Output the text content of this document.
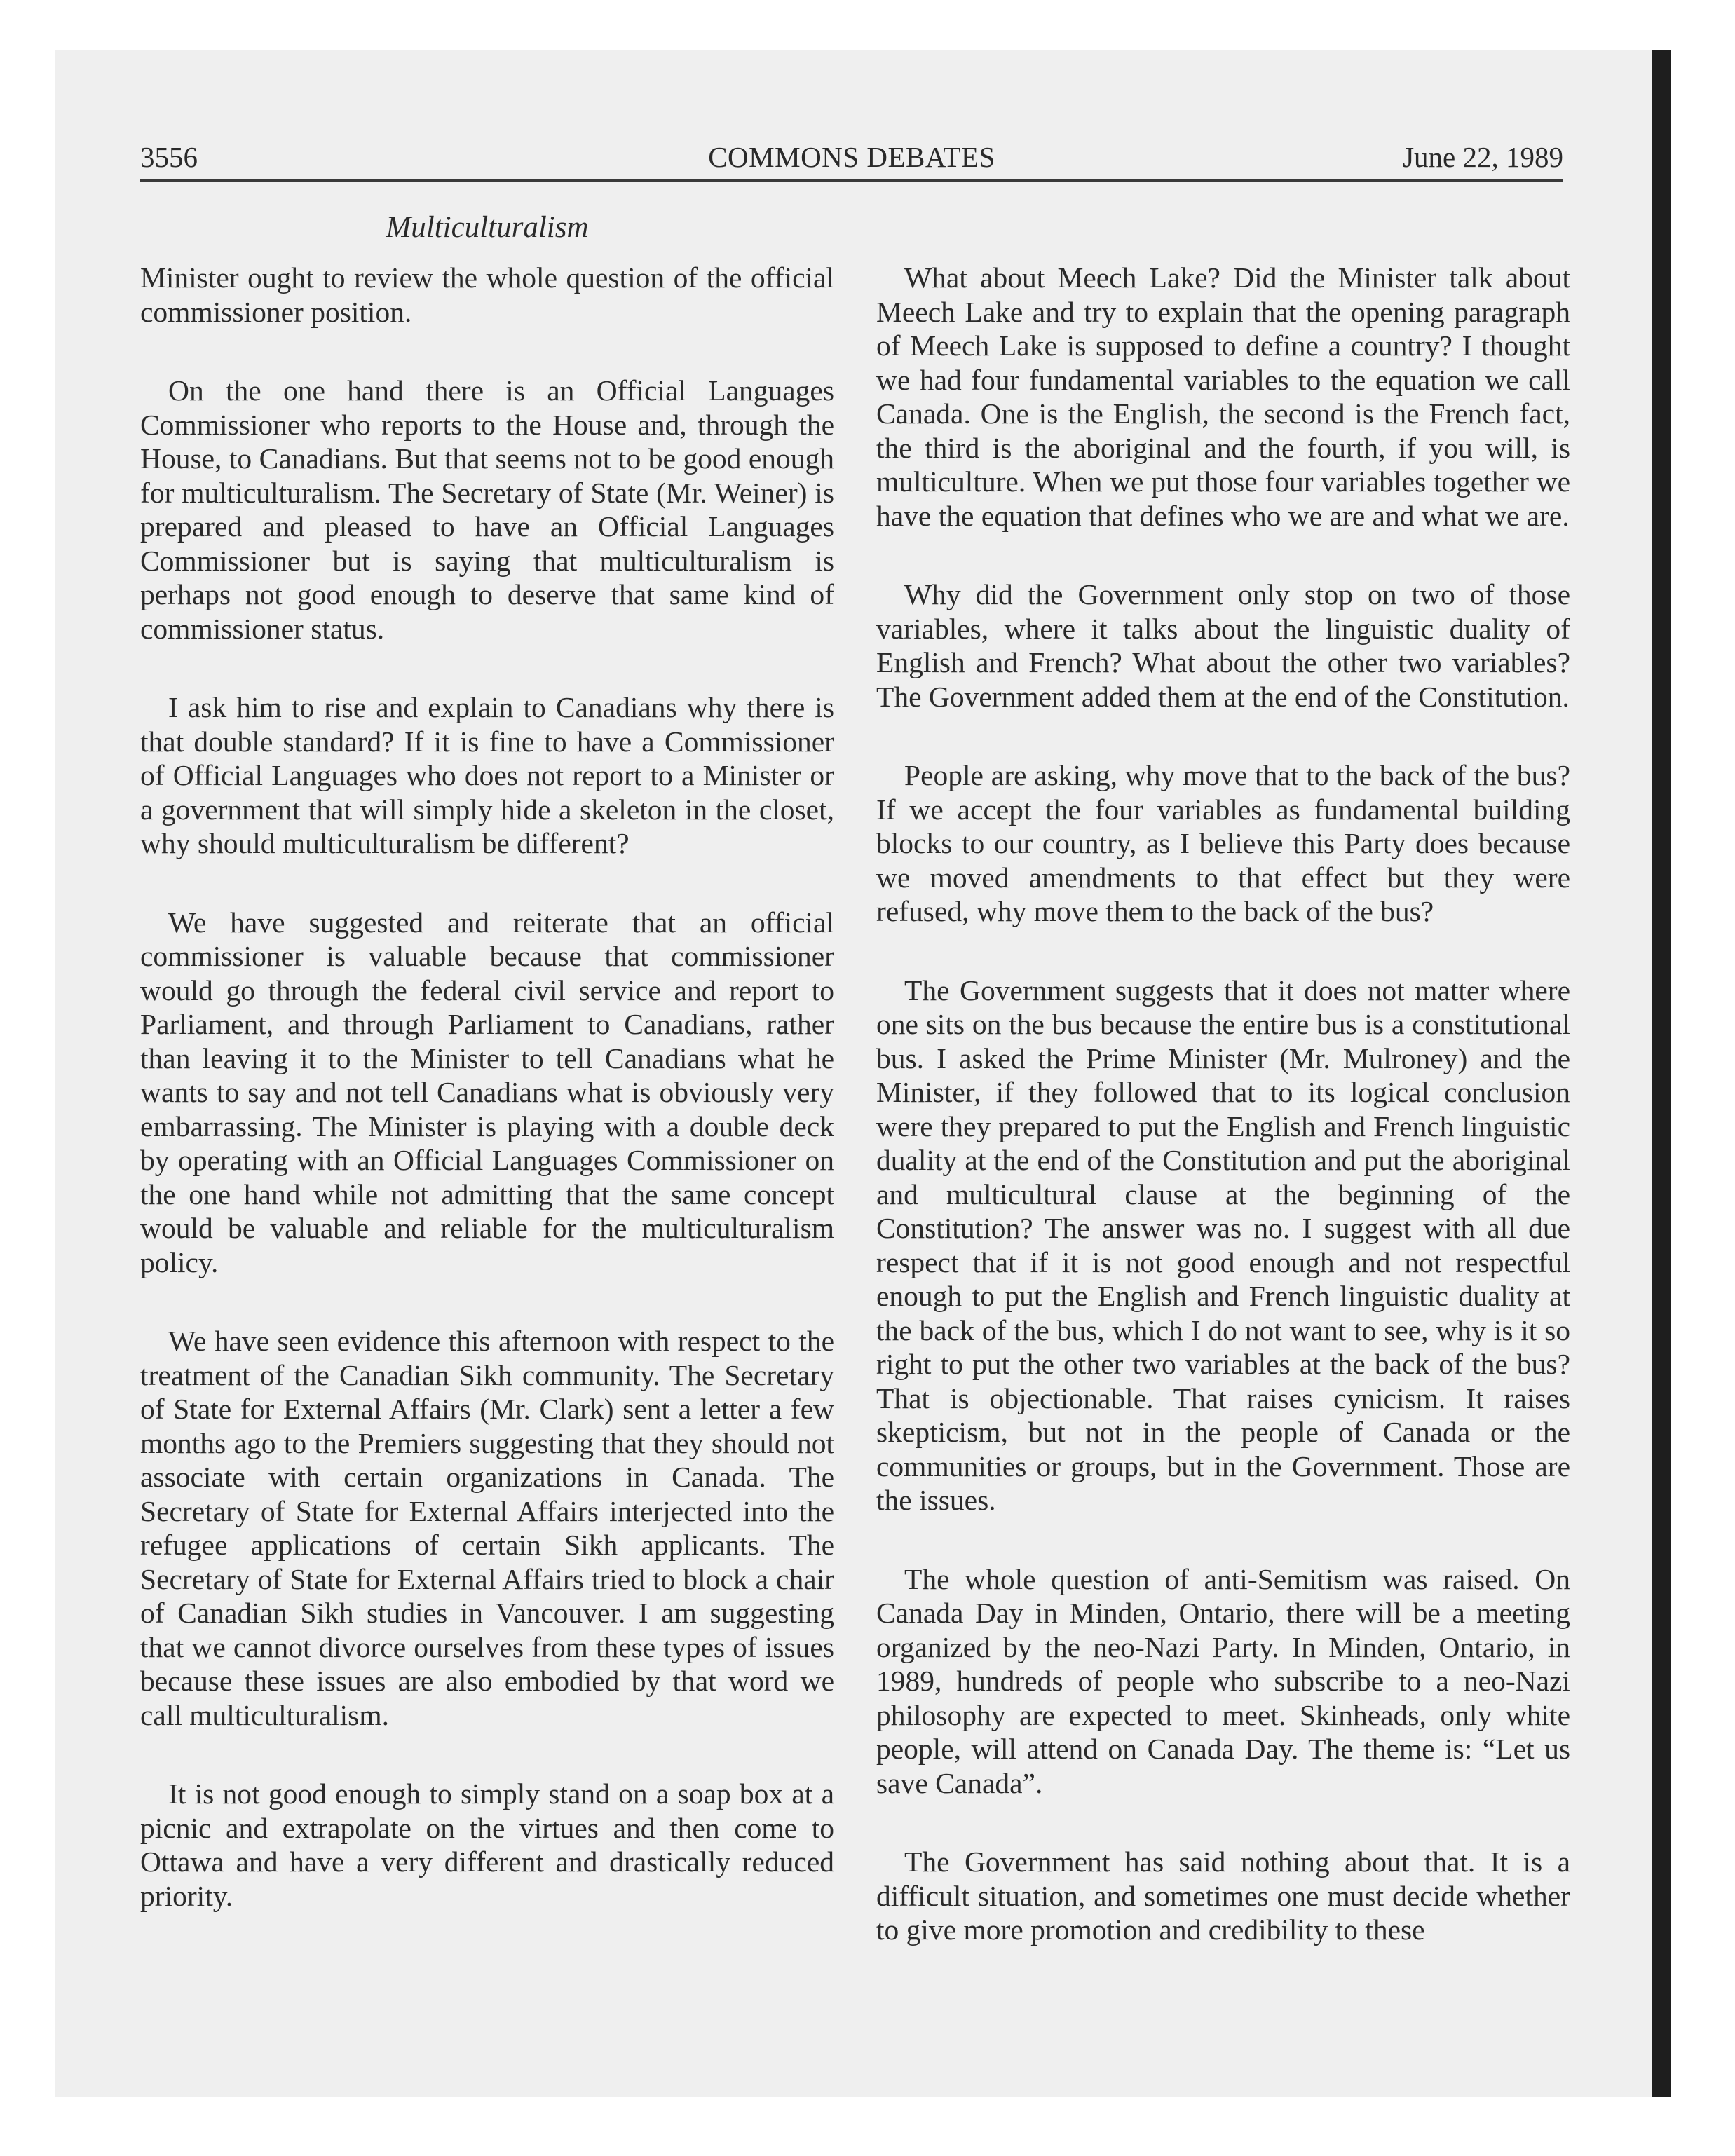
3556	COMMONS DEBATES	June 22, 1989
Multiculturalism

Minister ought to review the whole question of the official commissioner position.

On the one hand there is an Official Languages Commissioner who reports to the House and, through the House, to Canadians. But that seems not to be good enough for multiculturalism. The Secretary of State (Mr. Weiner) is prepared and pleased to have an Official Languages Commissioner but is saying that multiculturalism is perhaps not good enough to deserve that same kind of commissioner status.

I ask him to rise and explain to Canadians why there is that double standard? If it is fine to have a Commissioner of Official Languages who does not report to a Minister or a government that will simply hide a skeleton in the closet, why should multiculturalism be different?

We have suggested and reiterate that an official commissioner is valuable because that commissioner would go through the federal civil service and report to Parliament, and through Parliament to Canadians, rather than leaving it to the Minister to tell Canadians what he wants to say and not tell Canadians what is obviously very embarrassing. The Minister is playing with a double deck by operating with an Official Languages Commissioner on the one hand while not admitting that the same concept would be valuable and reliable for the multiculturalism policy.

We have seen evidence this afternoon with respect to the treatment of the Canadian Sikh community. The Secretary of State for External Affairs (Mr. Clark) sent a letter a few months ago to the Premiers suggesting that they should not associate with certain organizations in Canada. The Secretary of State for External Affairs interjected into the refugee applications of certain Sikh applicants. The Secretary of State for External Affairs tried to block a chair of Canadian Sikh studies in Vancouver. I am suggesting that we cannot divorce ourselves from these types of issues because these issues are also embodied by that word we call multiculturalism.

It is not good enough to simply stand on a soap box at a picnic and extrapolate on the virtues and then come to Ottawa and have a very different and drastically reduced priority.

What about Meech Lake? Did the Minister talk about Meech Lake and try to explain that the opening paragraph of Meech Lake is supposed to define a country? I thought we had four fundamental variables to the equation we call Canada. One is the English, the second is the French fact, the third is the aboriginal and the fourth, if you will, is multiculture. When we put those four variables together we have the equation that defines who we are and what we are.

Why did the Government only stop on two of those variables, where it talks about the linguistic duality of English and French? What about the other two variables? The Government added them at the end of the Constitution.

People are asking, why move that to the back of the bus? If we accept the four variables as fundamental building blocks to our country, as I believe this Party does because we moved amendments to that effect but they were refused, why move them to the back of the bus?

The Government suggests that it does not matter where one sits on the bus because the entire bus is a constitutional bus. I asked the Prime Minister (Mr. Mulroney) and the Minister, if they followed that to its logical conclusion were they prepared to put the English and French linguistic duality at the end of the Constitution and put the aboriginal and multicultural clause at the beginning of the Constitution? The answer was no. I suggest with all due respect that if it is not good enough and not respectful enough to put the English and French linguistic duality at the back of the bus, which I do not want to see, why is it so right to put the other two variables at the back of the bus? That is objectionable. That raises cynicism. It raises skepticism, but not in the people of Canada or the communities or groups, but in the Government. Those are the issues.

The whole question of anti-Semitism was raised. On Canada Day in Minden, Ontario, there will be a meeting organized by the neo-Nazi Party. In Minden, Ontario, in 1989, hundreds of people who subscribe to a neo-Nazi philosophy are expected to meet. Skinheads, only white people, will attend on Canada Day. The theme is: “Let us save Canada”.

The Government has said nothing about that. It is a difficult situation, and sometimes one must decide whether to give more promotion and credibility to these
